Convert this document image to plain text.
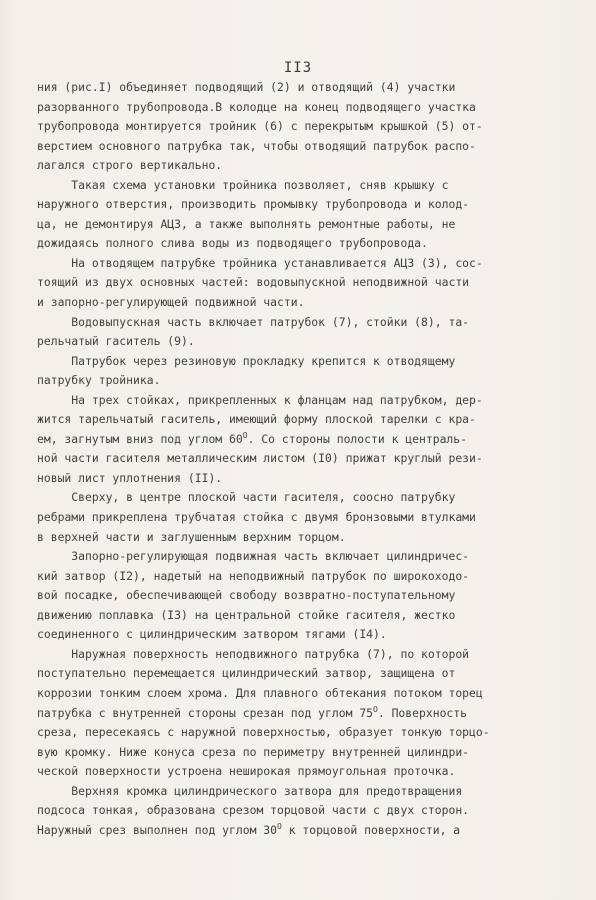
II3
ния (рис.I) объединяет подводящий (2) и отводящий (4) участки
разорванного трубопровода.В колодце на конец подводящего участка
трубопровода монтируется тройник (6) с перекрытым крышкой (5) от-
верстием основного патрубка так, чтобы отводящий патрубок распо-
лагался строго вертикально.
Такая схема установки тройника позволяет, сняв крышку с
наружного отверстия, производить промывку трубопровода и колод-
ца, не демонтируя АЦЗ, а также выполнять ремонтные работы, не
дожидаясь полного слива воды из подводящего трубопровода.
На отводящем патрубке тройника устанавливается АЦЗ (3), сос-
тоящий из двух основных частей: водовыпускной неподвижной части
и запорно-регулирующей подвижной части.
Водовыпускная часть включает патрубок (7), стойки (8), та-
рельчатый гаситель (9).
Патрубок через резиновую прокладку крепится к отводящему
патрубку тройника.
На трех стойках, прикрепленных к фланцам над патрубком, дер-
жится тарельчатый гаситель, имеющий форму плоской тарелки с кра-
ем, загнутым вниз под углом $60^O$. Со стороны полости к централь-
ной части гасителя металлическим листом (I0) прижат круглый рези-
новый лист уплотнения (II).
Сверху, в центре плоской части гасителя, соосно патрубку
ребрами прикреплена трубчатая стойка с двумя бронзовыми втулками
в верхней части и заглушенным верхним торцом.
Запорно-регулирующая подвижная часть включает цилиндричес-
кий затвор (I2), надетый на неподвижный патрубок по широкоходо-
вой посадке, обеспечивающей свободу возвратно-поступательному
движению поплавка (I3) на центральной стойке гасителя, жестко
соединенного с цилиндрическим затвором тягами (I4).
Наружная поверхность неподвижного патрубка (7), по которой
поступательно перемещается цилиндрический затвор, защищена от
коррозии тонким слоем хрома. Для плавного обтекания потоком торец
патрубка с внутренней стороны срезан под углом $75^O$. Поверхность
среза, пересекаясь с наружной поверхностью, образует тонкую торцо-
вую кромку. Ниже конуса среза по периметру внутренней цилиндри-
ческой поверхности устроена неширокая прямоугольная проточка.
Верхняя кромка цилиндрического затвора для предотвращения
подсоса тонкая, образована срезом торцовой части с двух сторон.
Наружный срез выполнен под углом $30^O$ к торцовой поверхности, а
